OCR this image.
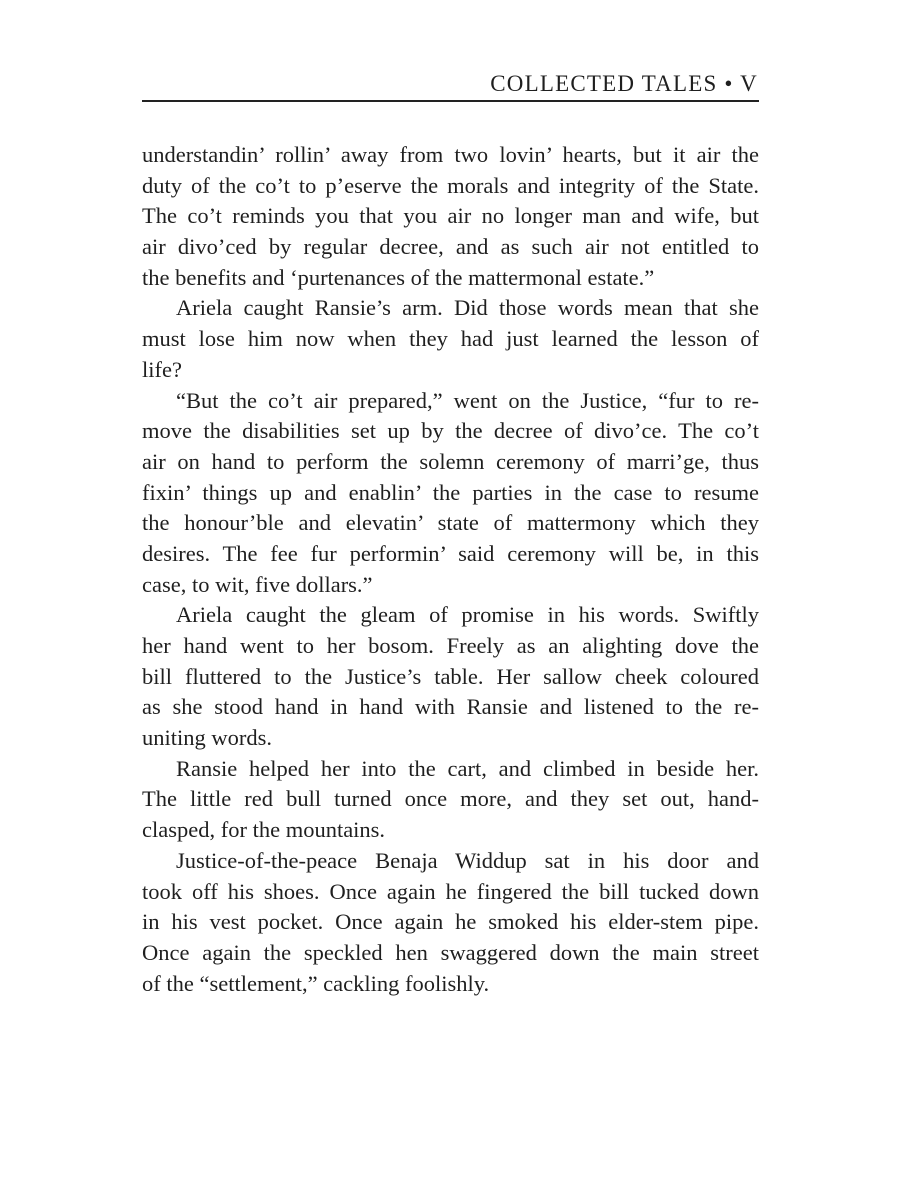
COLLECTED TALES • V
understandin’ rollin’ away from two lovin’ hearts, but it air the
duty of the co’t to p’eserve the morals and integrity of the State.
The co’t reminds you that you air no longer man and wife, but
air divo’ced by regular decree, and as such air not entitled to
the benefits and ‘purtenances of the mattermonal estate.”
Ariela caught Ransie’s arm. Did those words mean that she
must lose him now when they had just learned the lesson of
life?
“But the co’t air prepared,” went on the Justice, “fur to re-
move the disabilities set up by the decree of divo’ce. The co’t
air on hand to perform the solemn ceremony of marri’ge, thus
fixin’ things up and enablin’ the parties in the case to resume
the honour’ble and elevatin’ state of mattermony which they
desires. The fee fur performin’ said ceremony will be, in this
case, to wit, five dollars.”
Ariela caught the gleam of promise in his words. Swiftly
her hand went to her bosom. Freely as an alighting dove the
bill fluttered to the Justice’s table. Her sallow cheek coloured
as she stood hand in hand with Ransie and listened to the re-
uniting words.
Ransie helped her into the cart, and climbed in beside her.
The little red bull turned once more, and they set out, hand-
clasped, for the mountains.
Justice-of-the-peace Benaja Widdup sat in his door and
took off his shoes. Once again he fingered the bill tucked down
in his vest pocket. Once again he smoked his elder-stem pipe.
Once again the speckled hen swaggered down the main street
of the “settlement,” cackling foolishly.
